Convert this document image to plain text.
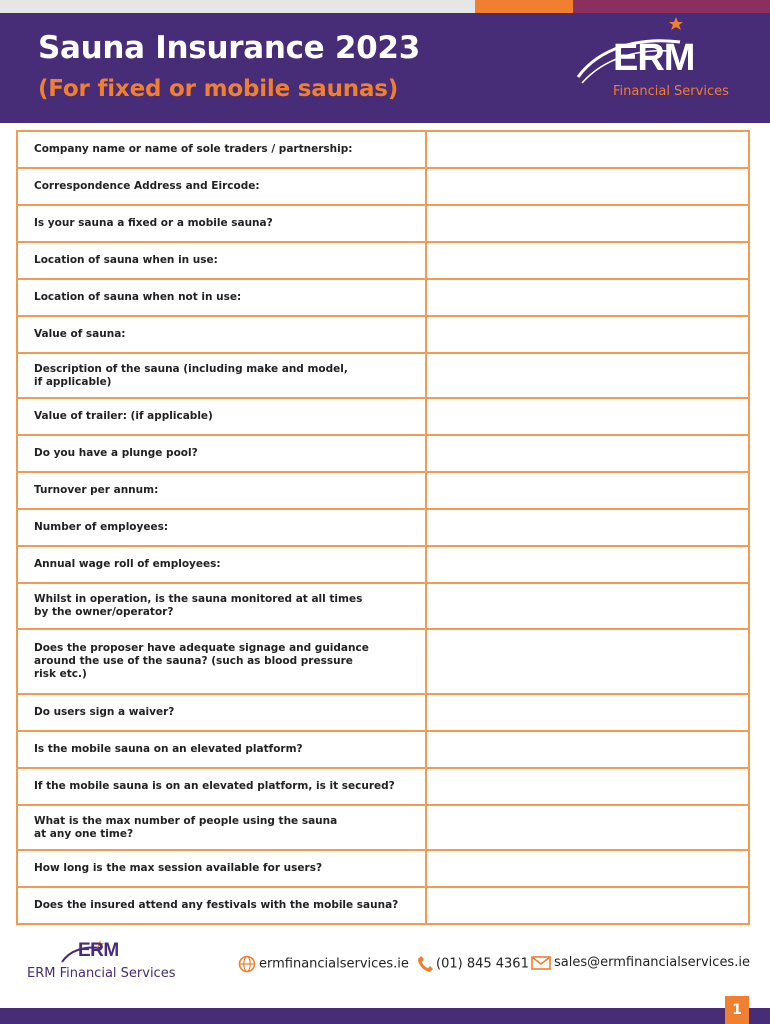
Sauna Insurance 2023
(For fixed or mobile saunas)
ERM
Financial Services
Company name or name of sole traders / partnership:	
Correspondence Address and Eircode:	
Is your sauna a fixed or a mobile sauna?	
Location of sauna when in use:	
Location of sauna when not in use:	
Value of sauna:	
Description of the sauna (including make and model,
if applicable)	
Value of trailer: (if applicable)	
Do you have a plunge pool?	
Turnover per annum:	
Number of employees:	
Annual wage roll of employees:	
Whilst in operation, is the sauna monitored at all times
by the owner/operator?	
Does the proposer have adequate signage and guidance
around the use of the sauna? (such as blood pressure
risk etc.)	
Do users sign a waiver?	
Is the mobile sauna on an elevated platform?	
If the mobile sauna is on an elevated platform, is it secured?	
What is the max number of people using the sauna
at any one time?	
How long is the max session available for users?	
Does the insured attend any festivals with the mobile sauna?	
ERM
ERM Financial Services
ermfinancialservices.ie	(01) 845 4361	sales@ermfinancialservices.ie
1
